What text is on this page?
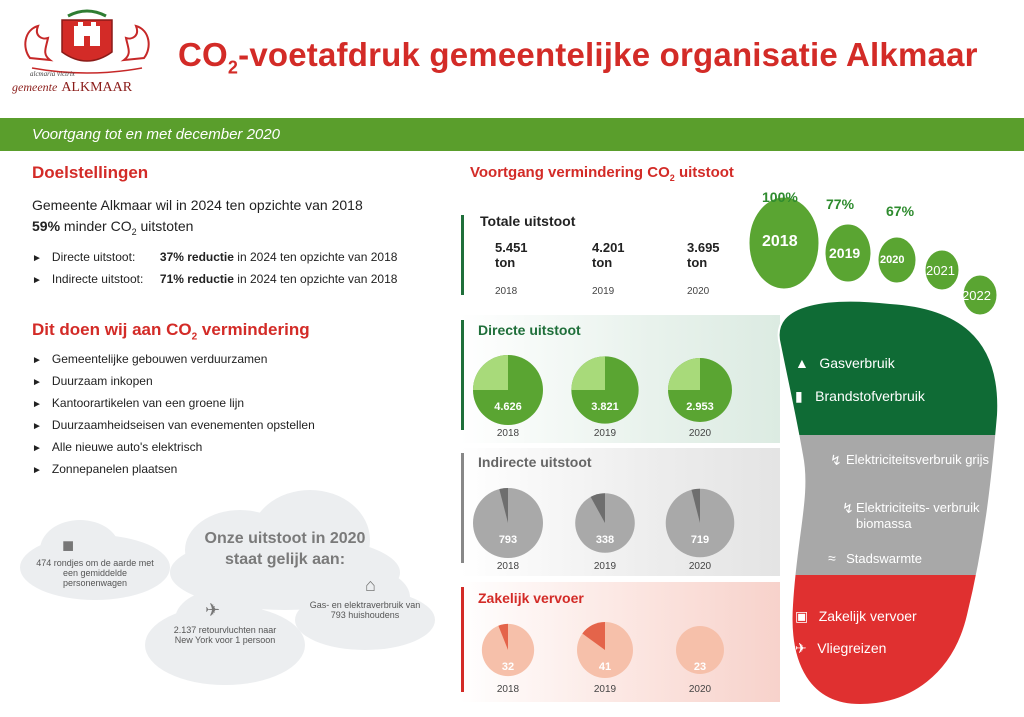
alcmaria victrix
gemeente ALKMAAR
$CO_2$-voetafdruk gemeentelijke organisatie Alkmaar
Voortgang tot en met december 2020
Doelstellingen
Gemeente Alkmaar wil in 2024 ten opzichte van 2018
59% minder $CO_2$ uitstoten
► Directe uitstoot: 37% reductie in 2024 ten opzichte van 2018
► Indirecte uitstoot: 71% reductie in 2024 ten opzichte van 2018
Dit doen wij aan $CO_2$ vermindering
► Gemeentelijke gebouwen verduurzamen
► Duurzaam inkopen
► Kantoorartikelen van een groene lijn
► Duurzaamheidseisen van evenementen opstellen
► Alle nieuwe auto's elektrisch
► Zonnepanelen plaatsen
Onze uitstoot in 2020
staat gelijk aan:
■
474 rondjes om de aarde met een gemiddelde personenwagen
✈
2.137 retourvluchten naar New York voor 1 persoon
⌂
Gas- en elektraverbruik van 793 huishoudens
Voortgang vermindering $CO_2$ uitstoot
Totale uitstoot
5.451
ton
2018
4.201
ton
2019
3.695
ton
2020
Directe uitstoot
Indirecte uitstoot
Zakelijk vervoer
4.626
2018
3.821
2019
2.953
2020
793
2018
338
2019
719
2020
32
2018
41
2019
23
2020
100% 77% 67%
2018
2019 2020
2021
2022
▲ Gasverbruik
▮ Brandstofverbruik
↯ Elektriciteitsverbruik grijs
↯ Elektriciteits- verbruik biomassa
≈ Stadswarmte
▣ Zakelijk vervoer
✈ Vliegreizen
